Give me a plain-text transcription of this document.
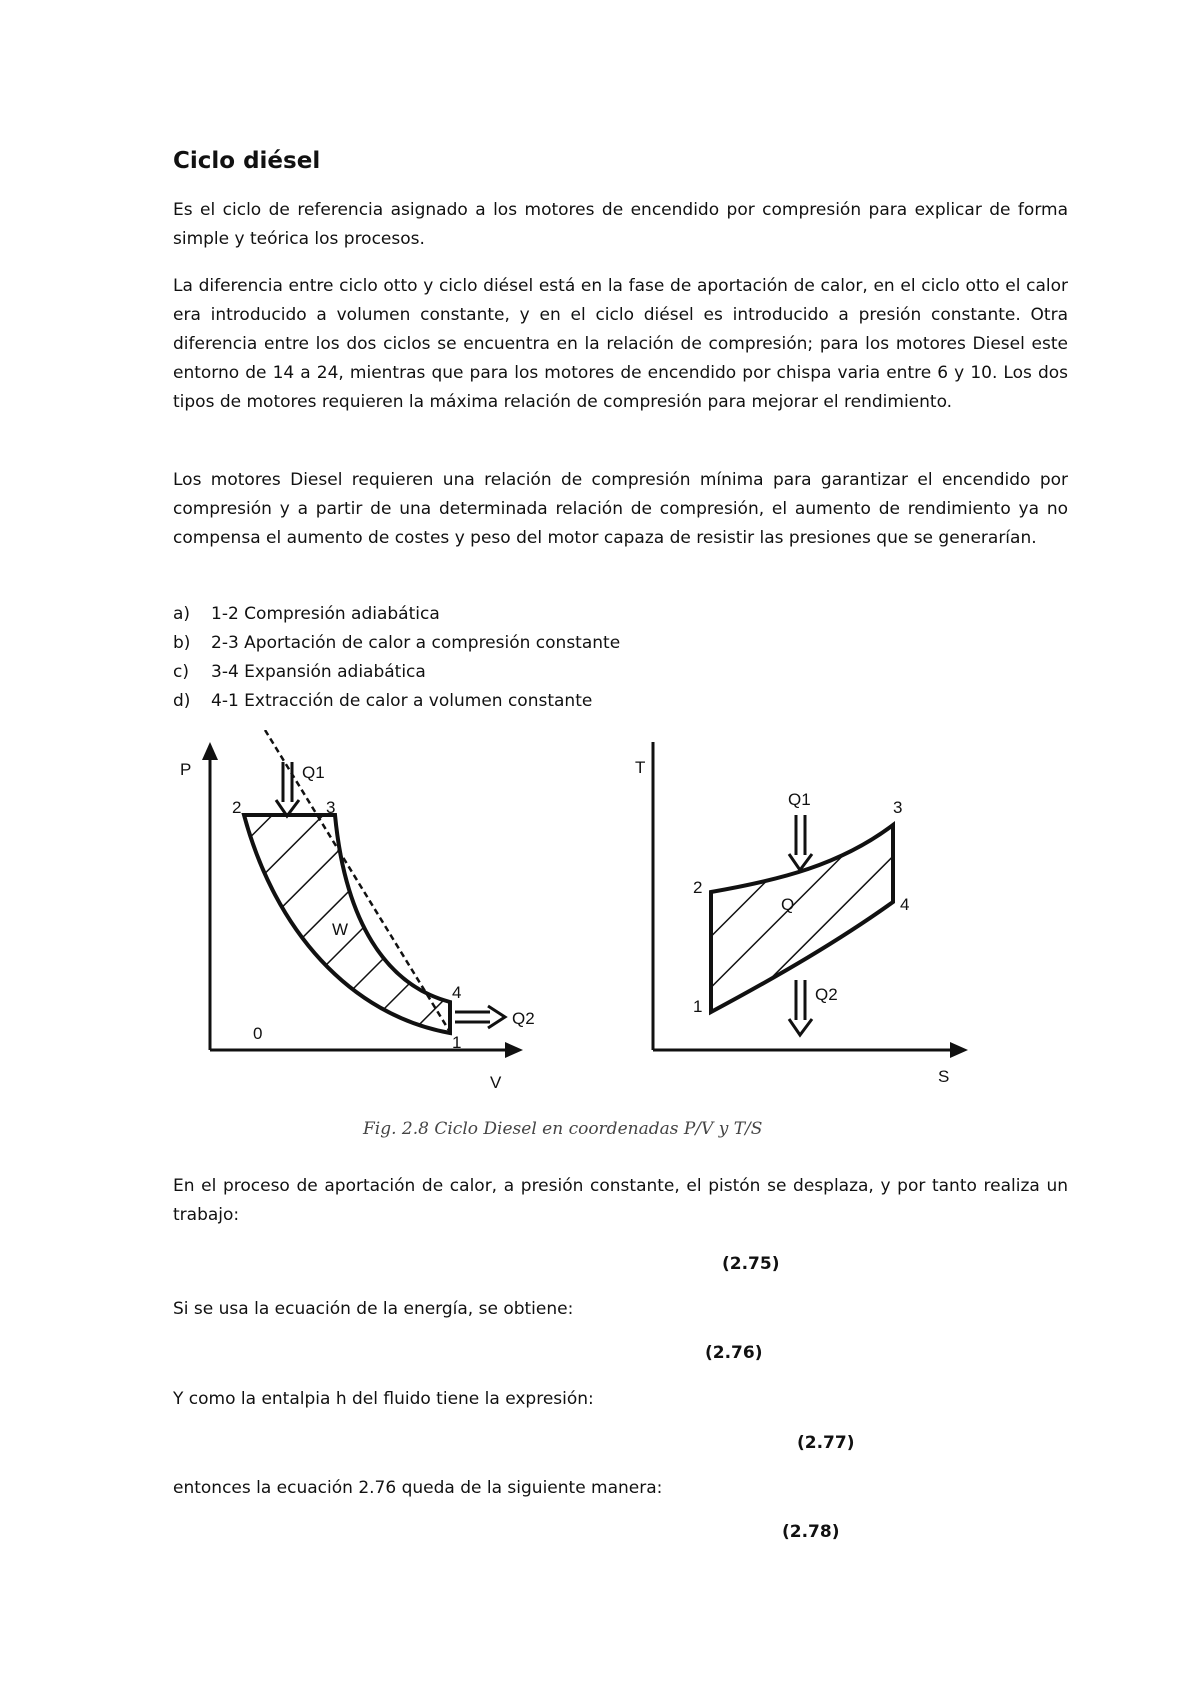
Ciclo diésel

Es el ciclo de referencia asignado a los motores de encendido por compresión para explicar de forma simple y teórica los procesos.

La diferencia entre ciclo otto y ciclo diésel está en la fase de aportación de calor, en el ciclo otto el calor era introducido a volumen constante, y en el ciclo diésel es introducido a presión constante. Otra diferencia entre los dos ciclos se encuentra en la relación de compresión; para los motores Diesel este entorno de 14 a 24, mientras que para los motores de encendido por chispa varia entre 6 y 10. Los dos tipos de motores requieren la máxima relación de compresión para mejorar el rendimiento.

Los motores Diesel requieren una relación de compresión mínima para garantizar el encendido por compresión y a partir de una determinada relación de compresión, el aumento de rendimiento ya no compensa el aumento de costes y peso del motor capaza de resistir las presiones que se generarían.

a)	1-2 Compresión adiabática
b)	2-3 Aportación de calor a compresión constante
c)	3-4 Expansión adiabática
d)	4-1 Extracción de calor a volumen constante
P
V
2	3
4
1
0
Q1
Q2
W
T
S
1
2
3
4
Q1
Q2
Q
Fig. 2.8 Ciclo Diesel en coordenadas P/V y T/S

En el proceso de aportación de calor, a presión constante, el pistón se desplaza, y por tanto realiza un trabajo:

(2.75)

Si se usa la ecuación de la energía, se obtiene:

(2.76)

Y como la entalpia h del fluido tiene la expresión:

(2.77)

entonces la ecuación 2.76 queda de la siguiente manera:

(2.78)
